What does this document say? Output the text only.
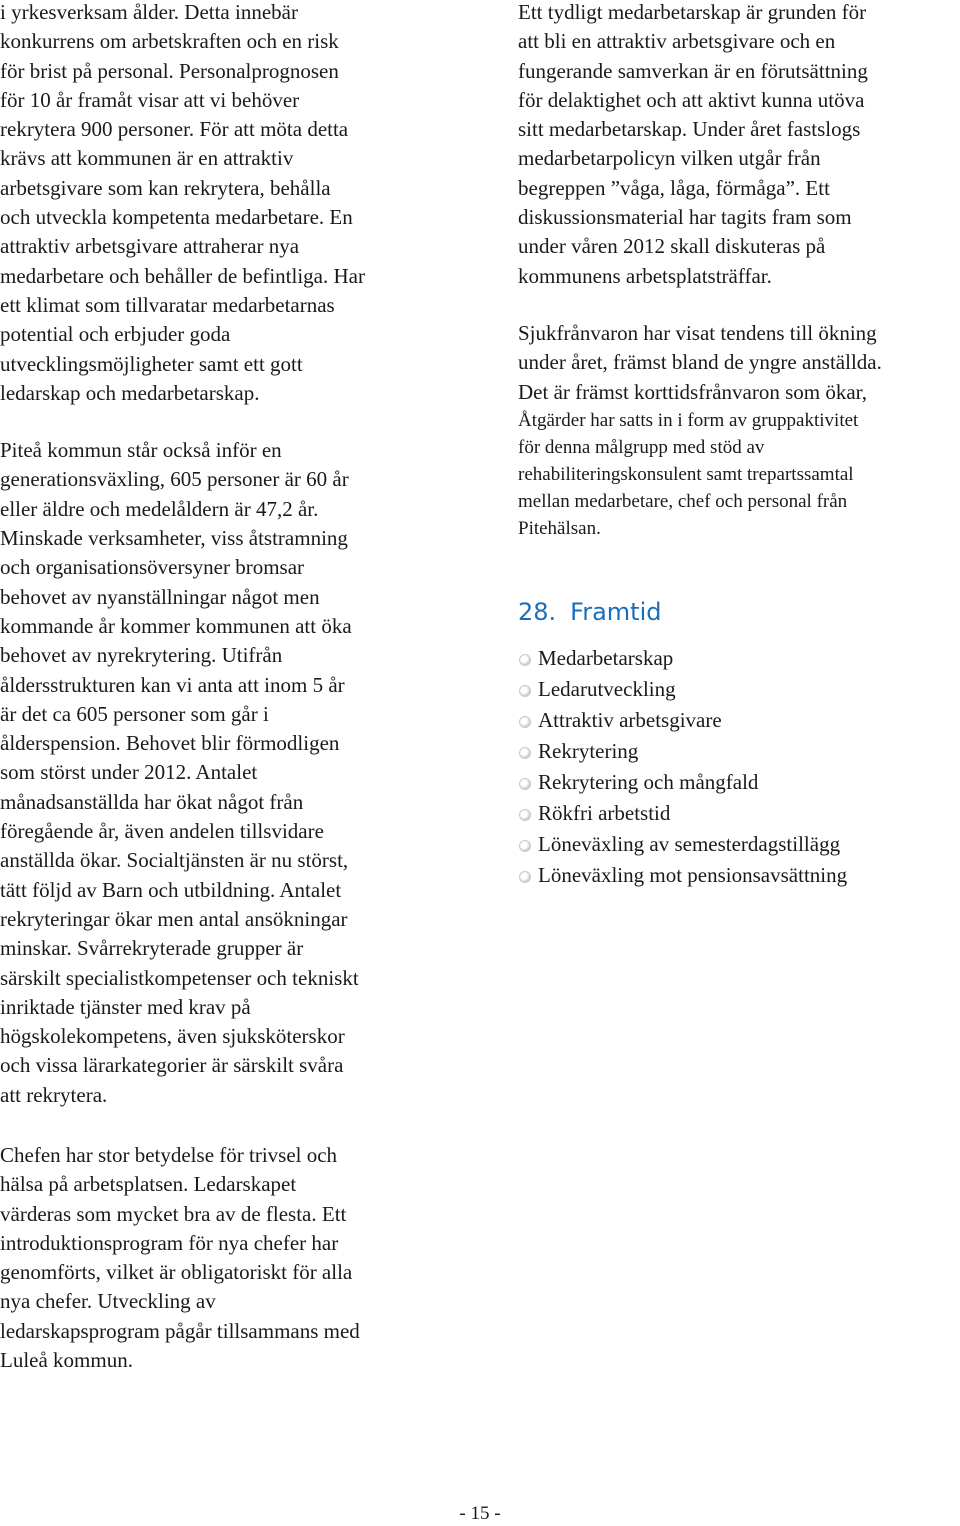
i yrkesverksam ålder. Detta innebär
konkurrens om arbetskraften och en risk
för brist på personal. Personalprognosen
för 10 år framåt visar att vi behöver
rekrytera 900 personer. För att möta detta
krävs att kommunen är en attraktiv
arbetsgivare som kan rekrytera, behålla
och utveckla kompetenta medarbetare. En
attraktiv arbetsgivare attraherar nya
medarbetare och behåller de befintliga. Har
ett klimat som tillvaratar medarbetarnas
potential och erbjuder goda
utvecklingsmöjligheter samt ett gott
ledarskap och medarbetarskap.

Piteå kommun står också inför en
generationsväxling, 605 personer är 60 år
eller äldre och medelåldern är 47,2 år.
Minskade verksamheter, viss åtstramning
och organisationsöversyner bromsar
behovet av nyanställningar något men
kommande år kommer kommunen att öka
behovet av nyrekrytering. Utifrån
åldersstrukturen kan vi anta att inom 5 år
är det ca 605 personer som går i
ålderspension. Behovet blir förmodligen
som störst under 2012. Antalet
månadsanställda har ökat något från
föregående år, även andelen tillsvidare
anställda ökar. Socialtjänsten är nu störst,
tätt följd av Barn och utbildning. Antalet
rekryteringar ökar men antal ansökningar
minskar. Svårrekryterade grupper är
särskilt specialistkompetenser och tekniskt
inriktade tjänster med krav på
högskolekompetens, även sjuksköterskor
och vissa lärarkategorier är särskilt svåra
att rekrytera.

Chefen har stor betydelse för trivsel och
hälsa på arbetsplatsen. Ledarskapet
värderas som mycket bra av de flesta. Ett
introduktionsprogram för nya chefer har
genomförts, vilket är obligatoriskt för alla
nya chefer. Utveckling av
ledarskapsprogram pågår tillsammans med
Luleå kommun.

Ett tydligt medarbetarskap är grunden för
att bli en attraktiv arbetsgivare och en
fungerande samverkan är en förutsättning
för delaktighet och att aktivt kunna utöva
sitt medarbetarskap. Under året fastslogs
medarbetarpolicyn vilken utgår från
begreppen ”våga, låga, förmåga”. Ett
diskussionsmaterial har tagits fram som
under våren 2012 skall diskuteras på
kommunens arbetsplatsträffar.

Sjukfrånvaron har visat tendens till ökning
under året, främst bland de yngre anställda.
Det är främst korttidsfrånvaron som ökar,

Åtgärder har satts in i form av gruppaktivitet
för denna målgrupp med stöd av
rehabiliteringskonsulent samt trepartssamtal
mellan medarbetare, chef och personal från
Pitehälsan.

28. Framtid
Medarbetarskap
Ledarutveckling
Attraktiv arbetsgivare
Rekrytering
Rekrytering och mångfald
Rökfri arbetstid
Löneväxling av semesterdagstillägg
Löneväxling mot pensionsavsättning
- 15 -
